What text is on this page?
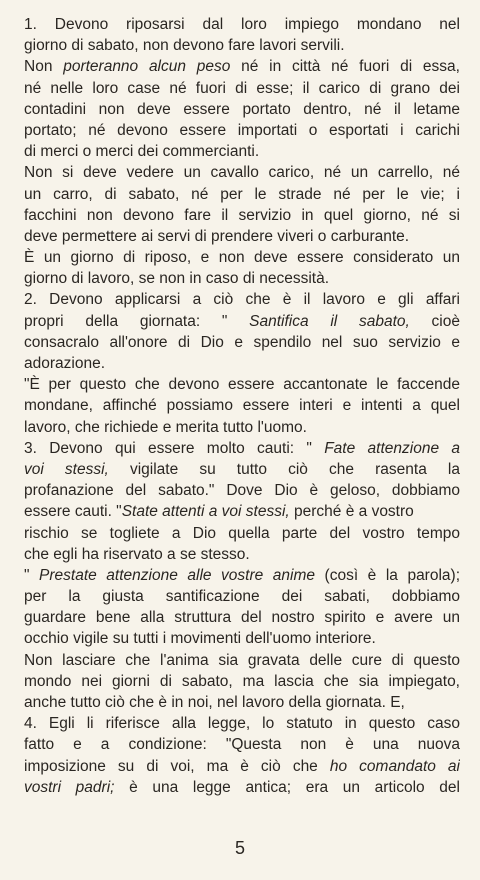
1. Devono riposarsi dal loro impiego mondano nel
giorno di sabato, non devono fare lavori servili.
Non porteranno alcun peso né in città né fuori di essa,
né nelle loro case né fuori di esse; il carico di grano dei
contadini non deve essere portato dentro, né il letame
portato; né devono essere importati o esportati i carichi
di merci o merci dei commercianti.
Non si deve vedere un cavallo carico, né un carrello, né
un carro, di sabato, né per le strade né per le vie; i
facchini non devono fare il servizio in quel giorno, né si
deve permettere ai servi di prendere viveri o carburante.
È un giorno di riposo, e non deve essere considerato un
giorno di lavoro, se non in caso di necessità.
2. Devono applicarsi a ciò che è il lavoro e gli affari
propri della giornata: " Santifica il sabato, cioè
consacralo all'onore di Dio e spendilo nel suo servizio e
adorazione.
"È per questo che devono essere accantonate le faccende
mondane, affinché possiamo essere interi e intenti a quel
lavoro, che richiede e merita tutto l'uomo.
3. Devono qui essere molto cauti: " Fate attenzione a
voi stessi, vigilate su tutto ciò che rasenta la
profanazione del sabato." Dove Dio è geloso, dobbiamo
essere cauti. "State attenti a voi stessi, perché è a vostro
rischio se togliete a Dio quella parte del vostro tempo
che egli ha riservato a se stesso.
" Prestate attenzione alle vostre anime (così è la parola);
per la giusta santificazione dei sabati, dobbiamo
guardare bene alla struttura del nostro spirito e avere un
occhio vigile su tutti i movimenti dell'uomo interiore.
Non lasciare che l'anima sia gravata delle cure di questo
mondo nei giorni di sabato, ma lascia che sia impiegato,
anche tutto ciò che è in noi, nel lavoro della giornata. E,
4. Egli li riferisce alla legge, lo statuto in questo caso
fatto e a condizione: "Questa non è una nuova
imposizione su di voi, ma è ciò che ho comandato ai
vostri padri; è una legge antica; era un articolo del
5
